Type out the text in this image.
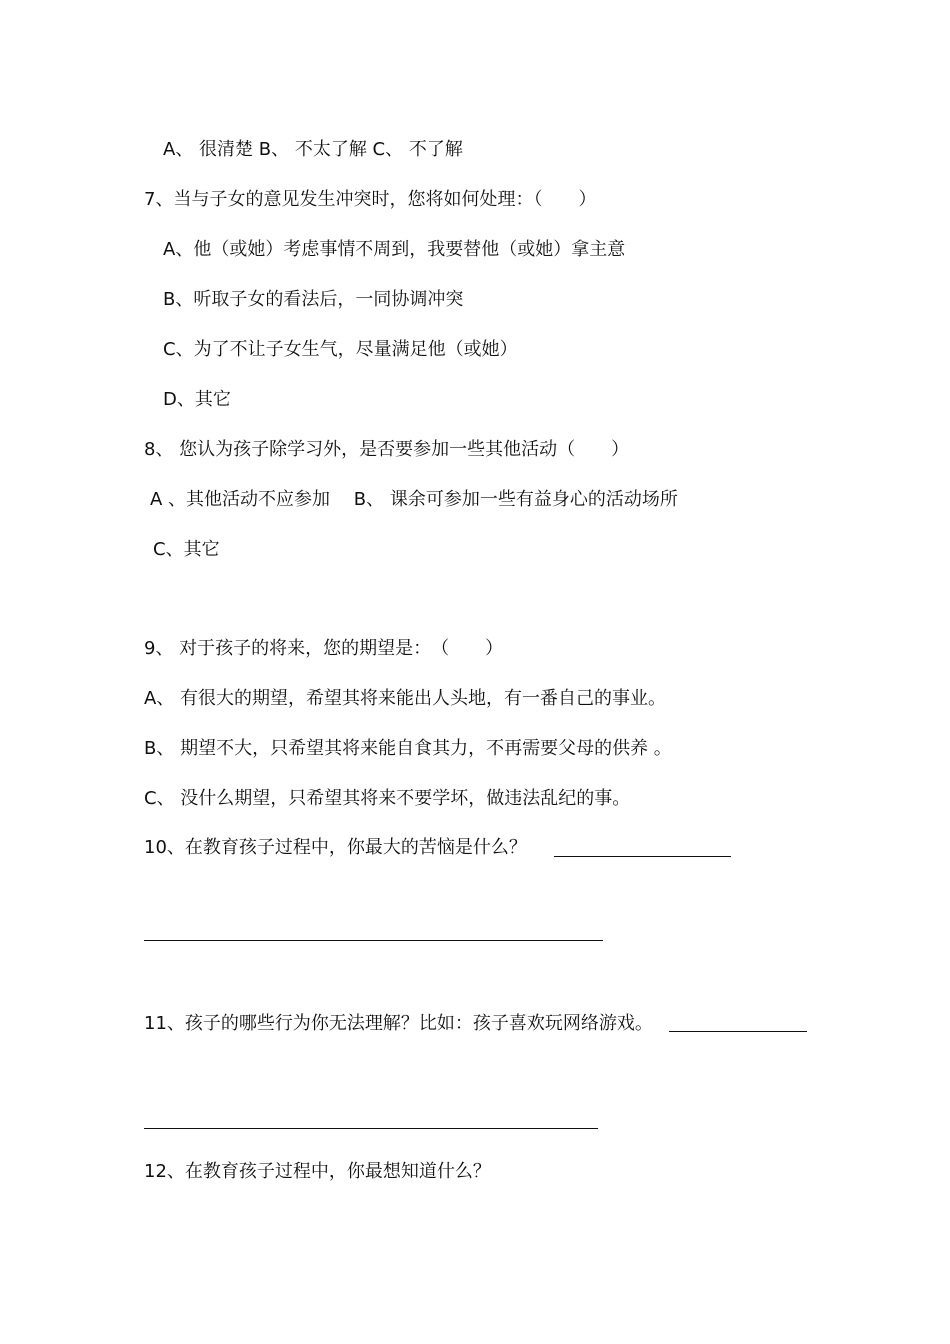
A、 很清楚 B、 不太了解 C、 不了解
7、当与子女的意见发生冲突时，您将如何处理：（　　）
A、他（或她）考虑事情不周到，我要替他（或她）拿主意
B、听取子女的看法后，一同协调冲突
C、为了不让子女生气，尽量满足他（或她）
D、其它
8、 您认为孩子除学习外，是否要参加一些其他活动（　　）
A 、其他活动不应参加 　B、 课余可参加一些有益身心的活动场所
C、其它
9、 对于孩子的将来，您的期望是：　（　　）
A、 有很大的期望，希望其将来能出人头地，有一番自己的事业。
B、 期望不大，只希望其将来能自食其力，不再需要父母的供养 。
C、 没什么期望，只希望其将来不要学坏，做违法乱纪的事。
10、在教育孩子过程中，你最大的苦恼是什么？
11、孩子的哪些行为你无法理解？比如：孩子喜欢玩网络游戏。
12、在教育孩子过程中，你最想知道什么？
